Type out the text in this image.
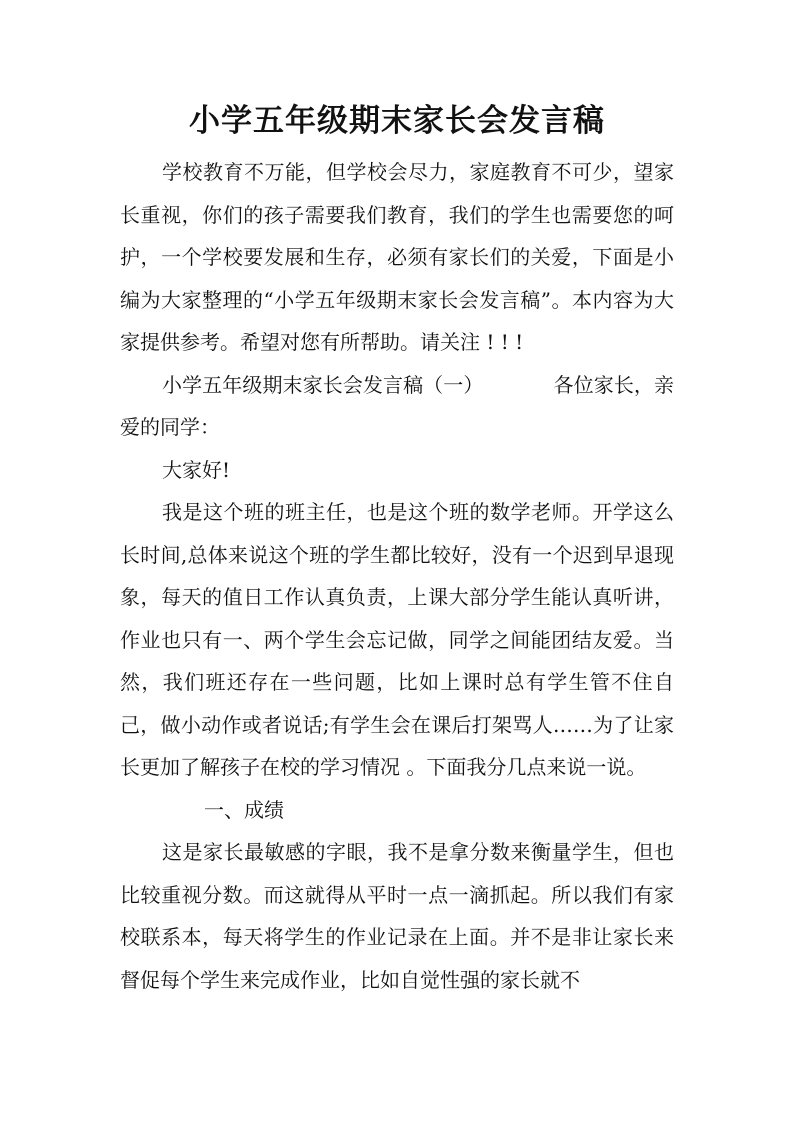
小学五年级期末家长会发言稿

学校教育不万能，但学校会尽力，家庭教育不可少，望家长重视，你们的孩子需要我们教育，我们的学生也需要您的呵护，一个学校要发展和生存，必须有家长们的关爱，下面是小编为大家整理的“小学五年级期末家长会发言稿”。本内容为大家提供参考。希望对您有所帮助。请关注 ! ! !

小学五年级期末家长会发言稿（一）	各位家长，亲爱的同学：

大家好!

我是这个班的班主任，也是这个班的数学老师。开学这么长时间,总体来说这个班的学生都比较好，没有一个迟到早退现象，每天的值日工作认真负责，上课大部分学生能认真听讲，作业也只有一、两个学生会忘记做，同学之间能团结友爱。当然，我们班还存在一些问题，比如上课时总有学生管不住自己，做小动作或者说话;有学生会在课后打架骂人……为了让家长更加了解孩子在校的学习情况 。下面我分几点来说一说。

一、成绩

这是家长最敏感的字眼，我不是拿分数来衡量学生，但也比较重视分数。而这就得从平时一点一滴抓起。所以我们有家校联系本，每天将学生的作业记录在上面。并不是非让家长来督促每个学生来完成作业，比如自觉性强的家长就不
